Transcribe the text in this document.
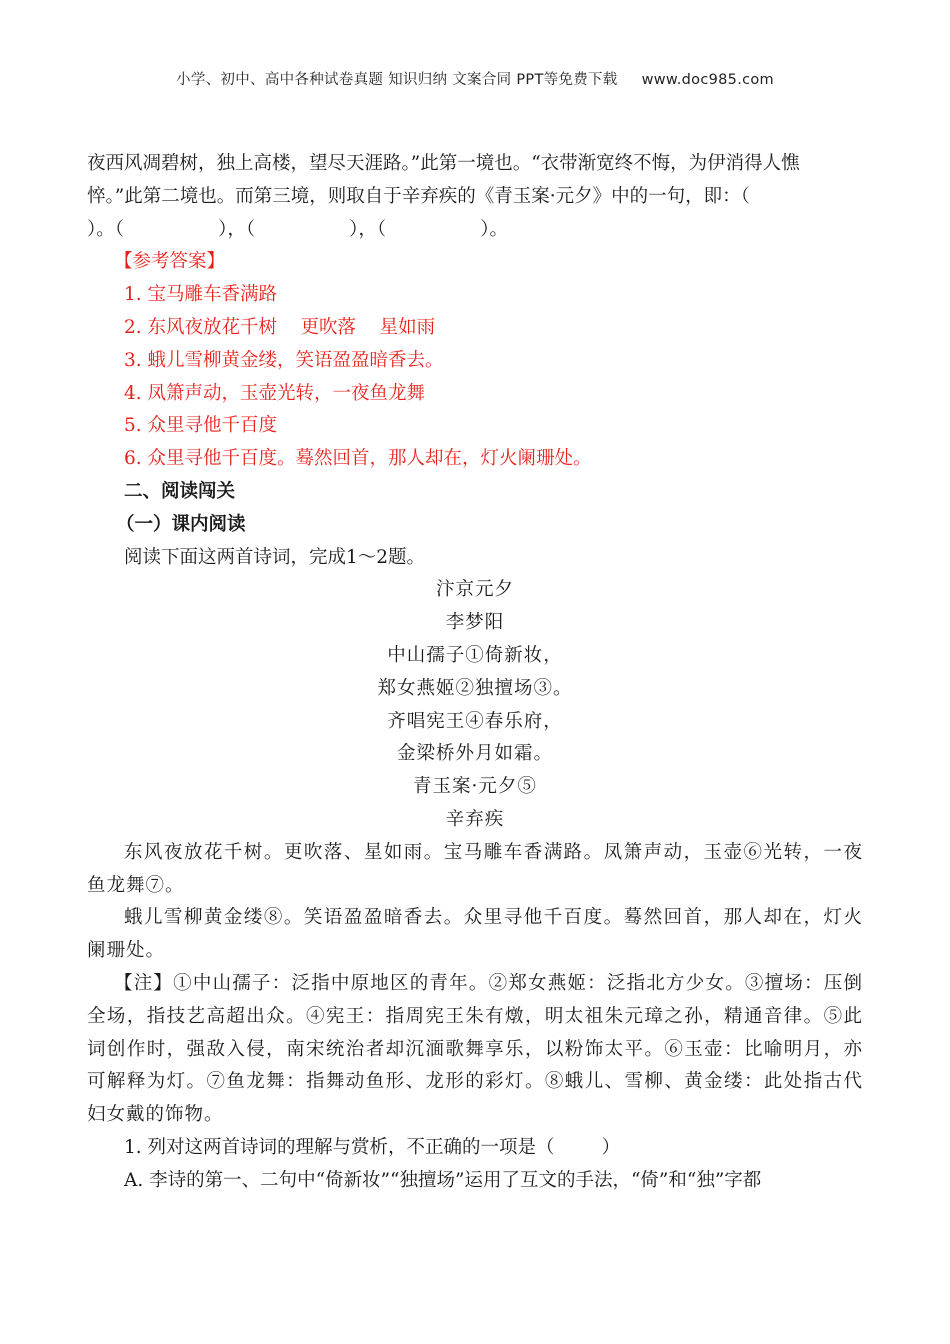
小学、初中、高中各种试卷真题 知识归纳 文案合同 PPT等免费下载 www.doc985.com
夜西风凋碧树，独上高楼，望尽天涯路。”此第一境也。“衣带渐宽终不悔，为伊消得人憔
悴。”此第二境也。而第三境，则取自于辛弃疾的《青玉案·元夕》中的一句，即：（
）。（                ），（                ），（                ）。
【参考答案】
1. 宝马雕车香满路
2. 东风夜放花千树    更吹落    星如雨
3. 蛾儿雪柳黄金缕，笑语盈盈暗香去。
4. 凤箫声动，玉壶光转，一夜鱼龙舞
5. 众里寻他千百度
6. 众里寻他千百度。蓦然回首，那人却在，灯火阑珊处。
二、阅读闯关
（一）课内阅读
阅读下面这两首诗词，完成1～2题。
汴京元夕
李梦阳
中山孺子①倚新妆，
郑女燕姬②独擅场③。
齐唱宪王④春乐府，
金梁桥外月如霜。
青玉案·元夕⑤
辛弃疾
东风夜放花千树。更吹落、星如雨。宝马雕车香满路。凤箫声动，玉壶⑥光转，一夜鱼龙舞⑦。
蛾儿雪柳黄金缕⑧。笑语盈盈暗香去。众里寻他千百度。蓦然回首，那人却在，灯火阑珊处。
【注】①中山孺子：泛指中原地区的青年。②郑女燕姬：泛指北方少女。③擅场：压倒全场，指技艺高超出众。④宪王：指周宪王朱有燉，明太祖朱元璋之孙，精通音律。⑤此词创作时，强敌入侵，南宋统治者却沉湎歌舞享乐，以粉饰太平。⑥玉壶：比喻明月，亦可解释为灯。⑦鱼龙舞：指舞动鱼形、龙形的彩灯。⑧蛾儿、雪柳、黄金缕：此处指古代妇女戴的饰物。
1. 列对这两首诗词的理解与赏析，不正确的一项是（        ）
A. 李诗的第一、二句中“倚新妆”“独擅场”运用了互文的手法，“倚”和“独”字都
